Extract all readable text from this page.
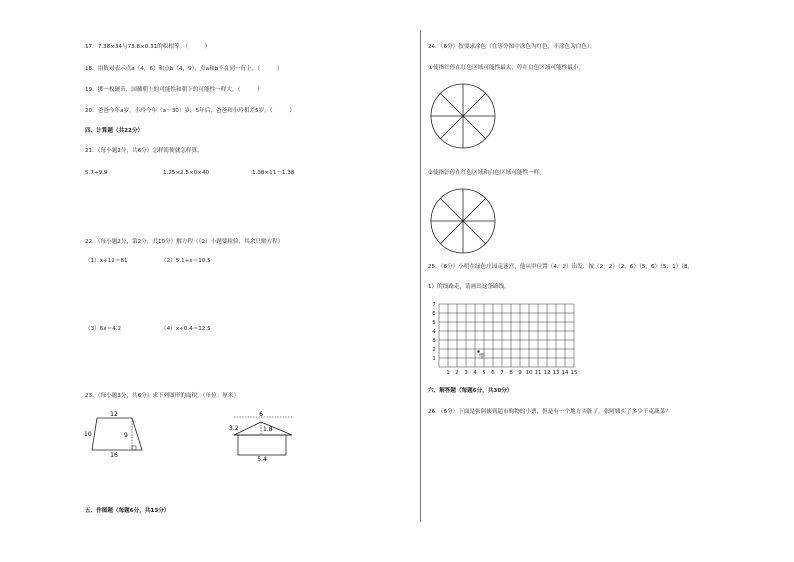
17．7.38×34与73.8×0.31的积相等。（　　　）
18．用数对表示点a（4，6）和点b（4，9），点a和b不在同一行上。（　　　）
19．掷一枚硬币，国徽朝上的可能性和朝下的可能性一样大。（　　　）
20．爸爸今年a岁，小玲今年（a－30）岁，5年后，爸爸和小玲相差5岁。（　　　）
四、计算题（共22分）
21．（每小题2分，共6分）怎样简便就怎样算。
5.7÷9.9	1.25×2.5×0×40	1.38×11－1.38
22．（每小题2分，第2分，共10分）解方程（（2）小题要检验，其余只解方程）
（1）x÷12＝81	（2）5.1+x＝10.5
（3）6x＝4.2	（4）x÷0.4＝12.5
23．（每小题3分，共6分）求下列图形的面积。（单位：厘米）
12
10	9
16
6
3.2	1.8
5.4
五、作图题（每题6分，共13分）
24．（6分）按要求涂色（在等分图中涂色为红色，不涂色为白色）。
①使指针停在红色区域可能性最大，停在白色区域可能性最小。
②使指针停在红色区域和白色区域可能性一样。
25．（6分）小明在绿色庄园走迷宫，他从甲位置（4，2）出发，按（2，2）（2，6）（5，6）（5，1）（8，
1）的线路走，请画出这条路线。
1 2 3 4 5 6 7 8 9 10 11 12 13 14 15
1
2
3
4
5
6
7
甲
六、解答题（每题6分，共30分）
26．（6分）下面是张阿姨到超市购物的小票，但是有一个地方弄脏了。张阿姨买了多少千克蔬菜？
